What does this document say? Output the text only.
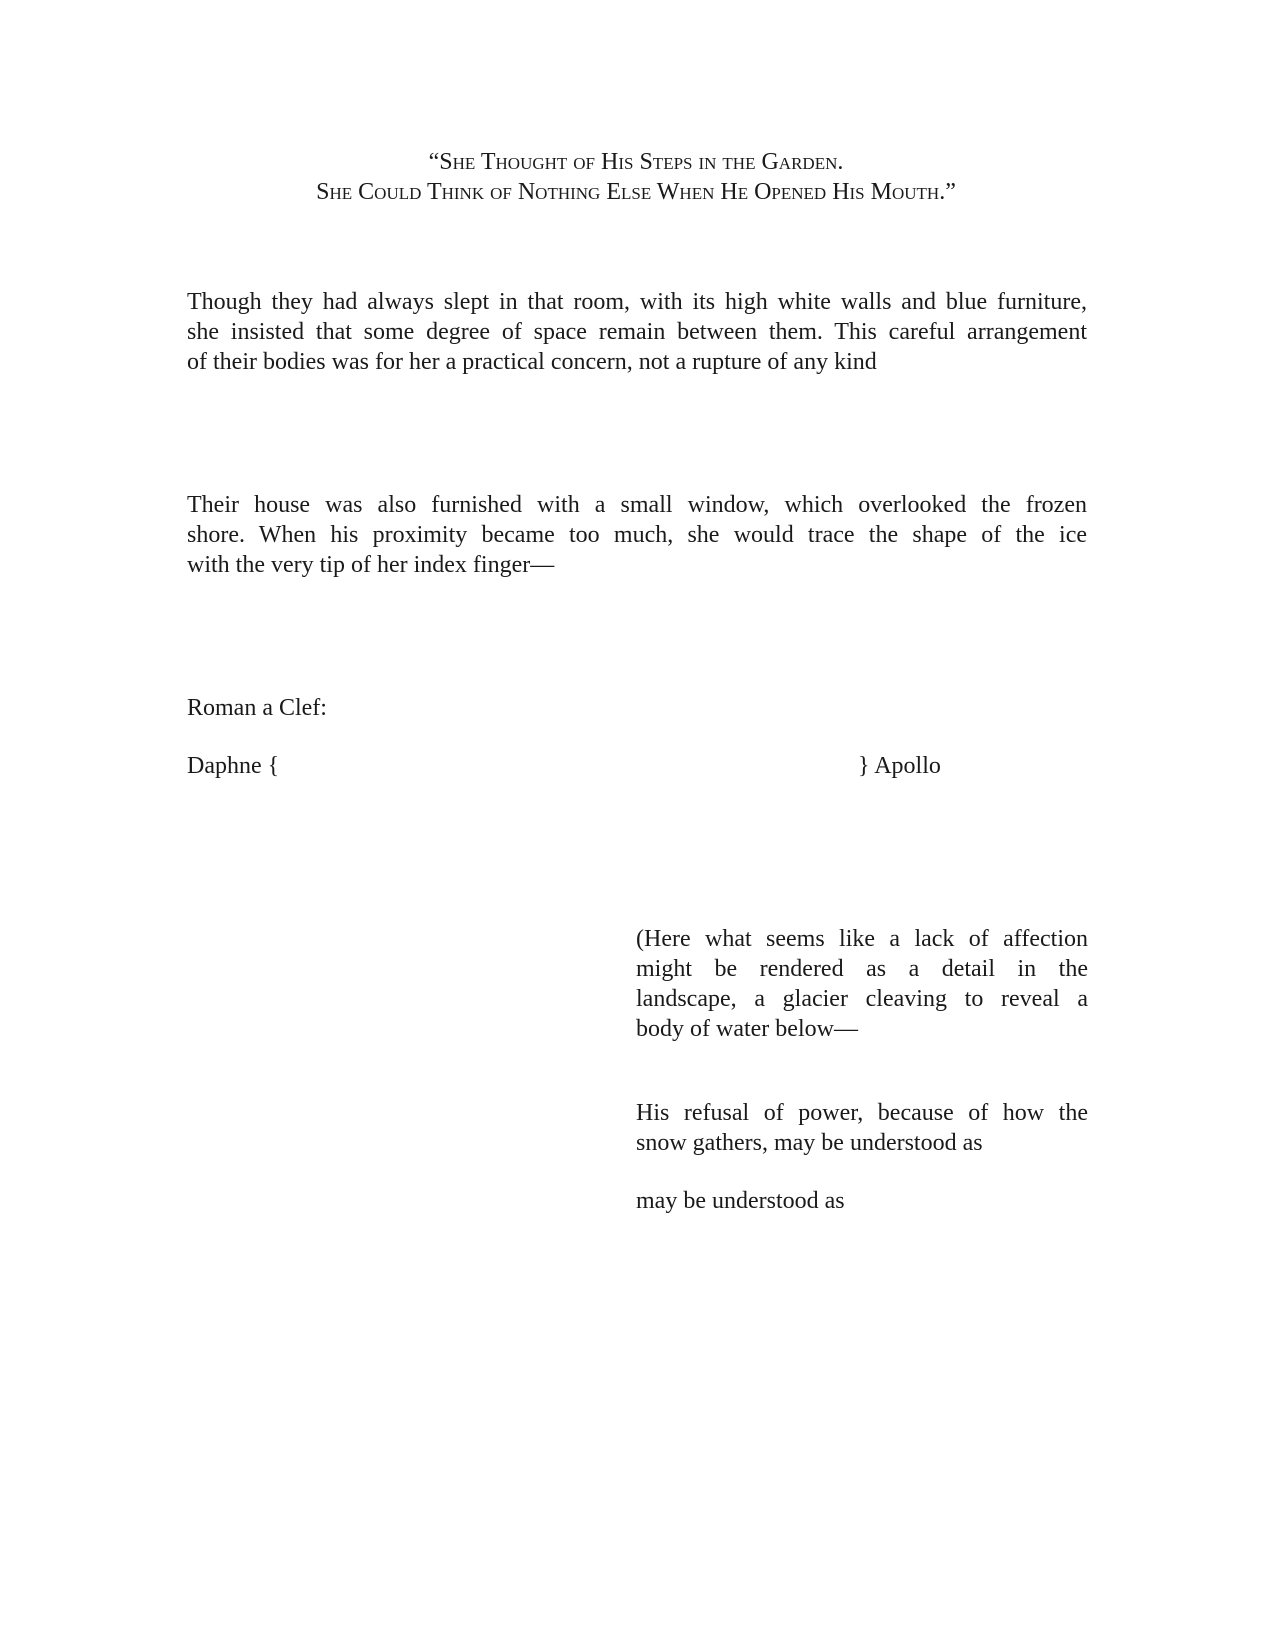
“She Thought of His Steps in the Garden.
She Could Think of Nothing Else When He Opened His Mouth.”

Though they had always slept in that room, with its high white walls and blue furniture,
she insisted that some degree of space remain between them. This careful arrangement
of their bodies was for her a practical concern, not a rupture of any kind

Their house was also furnished with a small window, which overlooked the frozen
shore. When his proximity became too much, she would trace the shape of the ice
with the very tip of her index finger—

Roman a Clef:

Daphne {	} Apollo

(Here what seems like a lack of affection
might be rendered as a detail in the
landscape, a glacier cleaving to reveal a
body of water below—

His refusal of power, because of how the
snow gathers, may be understood as

may be understood as
